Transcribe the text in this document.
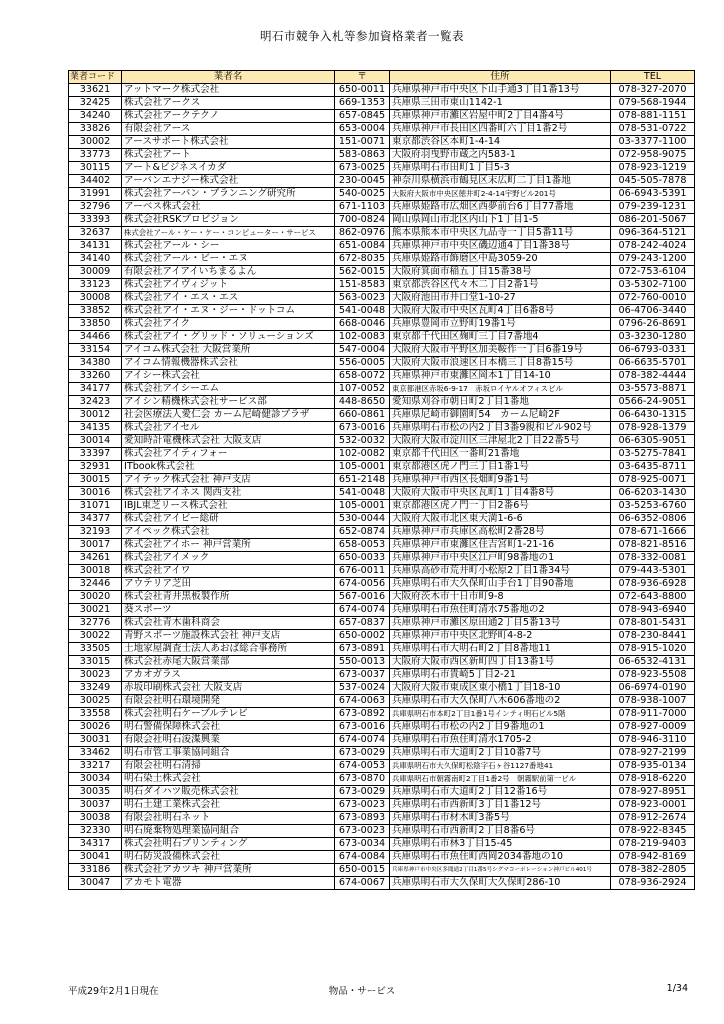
明石市競争入札等参加資格業者一覧表
業者コード	業者名	〒	住所	TEL
33621	アットマーク株式会社	650-0011	兵庫県神戸市中央区下山手通3丁目1番13号	078-327-2070
32425	株式会社アークス	669-1353	兵庫県三田市東山1142-1	079-568-1944
34240	株式会社アークテクノ	657-0845	兵庫県神戸市灘区岩屋中町2丁目4番4号	078-881-1151
33826	有限会社アース	653-0004	兵庫県神戸市長田区四番町六丁目1番2号	078-531-0722
30002	アースサポート株式会社	151-0071	東京都渋谷区本町1-4-14	03-3377-1100
33773	株式会社アート	583-0863	大阪府羽曳野市蔵之内583-1	072-958-9075
30115	アート&ビジネスイカダ	673-0025	兵庫県明石市田町1丁目5-3	078-923-1219
34402	アーバンエナジー株式会社	230-0045	神奈川県横浜市鶴見区末広町二丁目1番地	045-505-7878
31991	株式会社アーバン・プランニング研究所	540-0025	大阪府大阪市中央区徳井町2-4-14宇野ビル201号	06-6943-5391
32796	アーベス株式会社	671-1103	兵庫県姫路市広畑区西夢前台6丁目77番地	079-239-1231
33393	株式会社RSKプロビジョン	700-0824	岡山県岡山市北区内山下1丁目1-5	086-201-5067
32637	株式会社アール・ケー・ケー・コンピューター・サービス	862-0976	熊本県熊本市中央区九品寺一丁目5番11号	096-364-5121
34131	株式会社アール・シー	651-0084	兵庫県神戸市中央区磯辺通4丁目1番38号	078-242-4024
34140	株式会社アール・ビー・エヌ	672-8035	兵庫県姫路市飾磨区中島3059-20	079-243-1200
30009	有限会社アイアイいちまるよん	562-0015	大阪府箕面市稲五丁目15番38号	072-753-6104
33123	株式会社アイヴィジット	151-8583	東京都渋谷区代々木二丁目2番1号	03-5302-7100
30008	株式会社アイ・エス・エス	563-0023	大阪府池田市井口堂1-10-27	072-760-0010
33852	株式会社アイ・エヌ・ジー・ドットコム	541-0048	大阪府大阪市中央区瓦町4丁目6番8号	06-4706-3440
33850	株式会社アイク	668-0046	兵庫県豊岡市立野町19番1号	0796-26-8691
34466	株式会社アイ・グリッド・ソリューションズ	102-0083	東京都千代田区麹町三丁目7番地4	03-3230-1280
33154	アイコム株式会社 大阪営業所	547-0004	大阪府大阪市平野区加美鞍作一丁目6番19号	06-6793-0331
34380	アイコム情報機器株式会社	556-0005	大阪府大阪市浪速区日本橋三丁目8番15号	06-6635-5701
33260	アイシー株式会社	658-0072	兵庫県神戸市東灘区岡本1丁目14-10	078-382-4444
34177	株式会社アイシーエム	107-0052	東京都港区赤坂6-9-17　赤坂ロイヤルオフィスビル	03-5573-8871
32423	アイシン精機株式会社サービス部	448-8650	愛知県刈谷市朝日町2丁目1番地	0566-24-9051
30012	社会医療法人愛仁会 カーム尼崎健診プラザ	660-0861	兵庫県尼崎市御園町54　カーム尼崎2F	06-6430-1315
34135	株式会社アイセル	673-0016	兵庫県明石市松の内2丁目3番9親和ビル902号	078-928-1379
30014	愛知時計電機株式会社 大阪支店	532-0032	大阪府大阪市淀川区三津屋北2丁目22番5号	06-6305-9051
33397	株式会社アイティフォー	102-0082	東京都千代田区一番町21番地	03-5275-7841
32931	ITbook株式会社	105-0001	東京都港区虎ノ門三丁目1番1号	03-6435-8711
30015	アイテック株式会社 神戸支店	651-2148	兵庫県神戸市西区長畑町9番1号	078-925-0071
30016	株式会社アイネス 関西支社	541-0048	大阪府大阪市中央区瓦町1丁目4番8号	06-6203-1430
31071	IBJL東芝リース株式会社	105-0001	東京都港区虎ノ門一丁目2番6号	03-5253-6760
34377	株式会社アイビー総研	530-0044	大阪府大阪市北区東天満1-6-6	06-6352-0806
32193	アイペック株式会社	652-0874	兵庫県神戸市兵庫区高松町2番28号	078-671-1666
30017	株式会社アイホー 神戸営業所	658-0053	兵庫県神戸市東灘区住吉宮町1-21-16	078-821-8516
34261	株式会社アイメック	650-0033	兵庫県神戸市中央区江戸町98番地の1	078-332-0081
30018	株式会社アイワ	676-0011	兵庫県高砂市荒井町小松原2丁目1番34号	079-443-5301
32446	アウテリア芝田	674-0056	兵庫県明石市大久保町山手台1丁目90番地	078-936-6928
30020	株式会社青井黒板製作所	567-0016	大阪府茨木市十日市町9-8	072-643-8800
30021	葵スポーツ	674-0074	兵庫県明石市魚住町清水75番地の2	078-943-6940
32776	株式会社青木歯科商会	657-0837	兵庫県神戸市灘区原田通2丁目5番13号	078-801-5431
30022	青野スポーツ施設株式会社 神戸支店	650-0002	兵庫県神戸市中央区北野町4-8-2	078-230-8441
33505	土地家屋調査士法人あおば総合事務所	673-0891	兵庫県明石市大明石町2丁目8番地11	078-915-1020
33015	株式会社赤尾大阪営業部	550-0013	大阪府大阪市西区新町四丁目13番1号	06-6532-4131
30023	アカオガラス	673-0037	兵庫県明石市貴崎5丁目2-21	078-923-5508
33249	赤坂印刷株式会社 大阪支店	537-0024	大阪府大阪市東成区東小橋1丁目18-10	06-6974-0190
30025	有限会社明石環境開発	674-0063	兵庫県明石市大久保町八木606番地の2	078-938-1007
33558	株式会社明石ケーブルテレビ	673-0892	兵庫県明石市本町2丁目1番1号インティ明石ビル5階	078-911-7000
30026	明石警備保障株式会社	673-0016	兵庫県明石市松の内2丁目9番地の1	078-927-0009
30031	有限会社明石浚渫興業	674-0074	兵庫県明石市魚住町清水1705-2	078-946-3110
33462	明石市管工事業協同組合	673-0029	兵庫県明石市大道町2丁目10番7号	078-927-2199
33217	有限会社明石清掃	674-0053	兵庫県明石市大久保町松陰字石ヶ谷1127番地41	078-935-0134
30034	明石染土株式会社	673-0870	兵庫県明石市朝霧南町2丁目1番2号　朝霧駅前第一ビル	078-918-6220
30035	明石ダイハツ販売株式会社	673-0029	兵庫県明石市大道町2丁目12番16号	078-927-8951
30037	明石土建工業株式会社	673-0023	兵庫県明石市西新町3丁目1番12号	078-923-0001
30038	有限会社明石ネット	673-0893	兵庫県明石市材木町3番5号	078-912-2674
32330	明石廃棄物処理業協同組合	673-0023	兵庫県明石市西新町2丁目8番6号	078-922-8345
34317	株式会社明石プリンティング	673-0034	兵庫県明石市林3丁目15-45	078-219-9403
30041	明石防災設備株式会社	674-0084	兵庫県明石市魚住町西岡2034番地の10	078-942-8169
33186	株式会社アカツキ 神戸営業所	650-0015	兵庫県神戸市中央区多聞通2丁目1番5号シグマコーポレーション神戸ビル401号	078-382-2805
30047	アカモト電器	674-0067	兵庫県明石市大久保町大久保町286-10	078-936-2924
平成29年2月1日現在	物品・サービス	1/34
